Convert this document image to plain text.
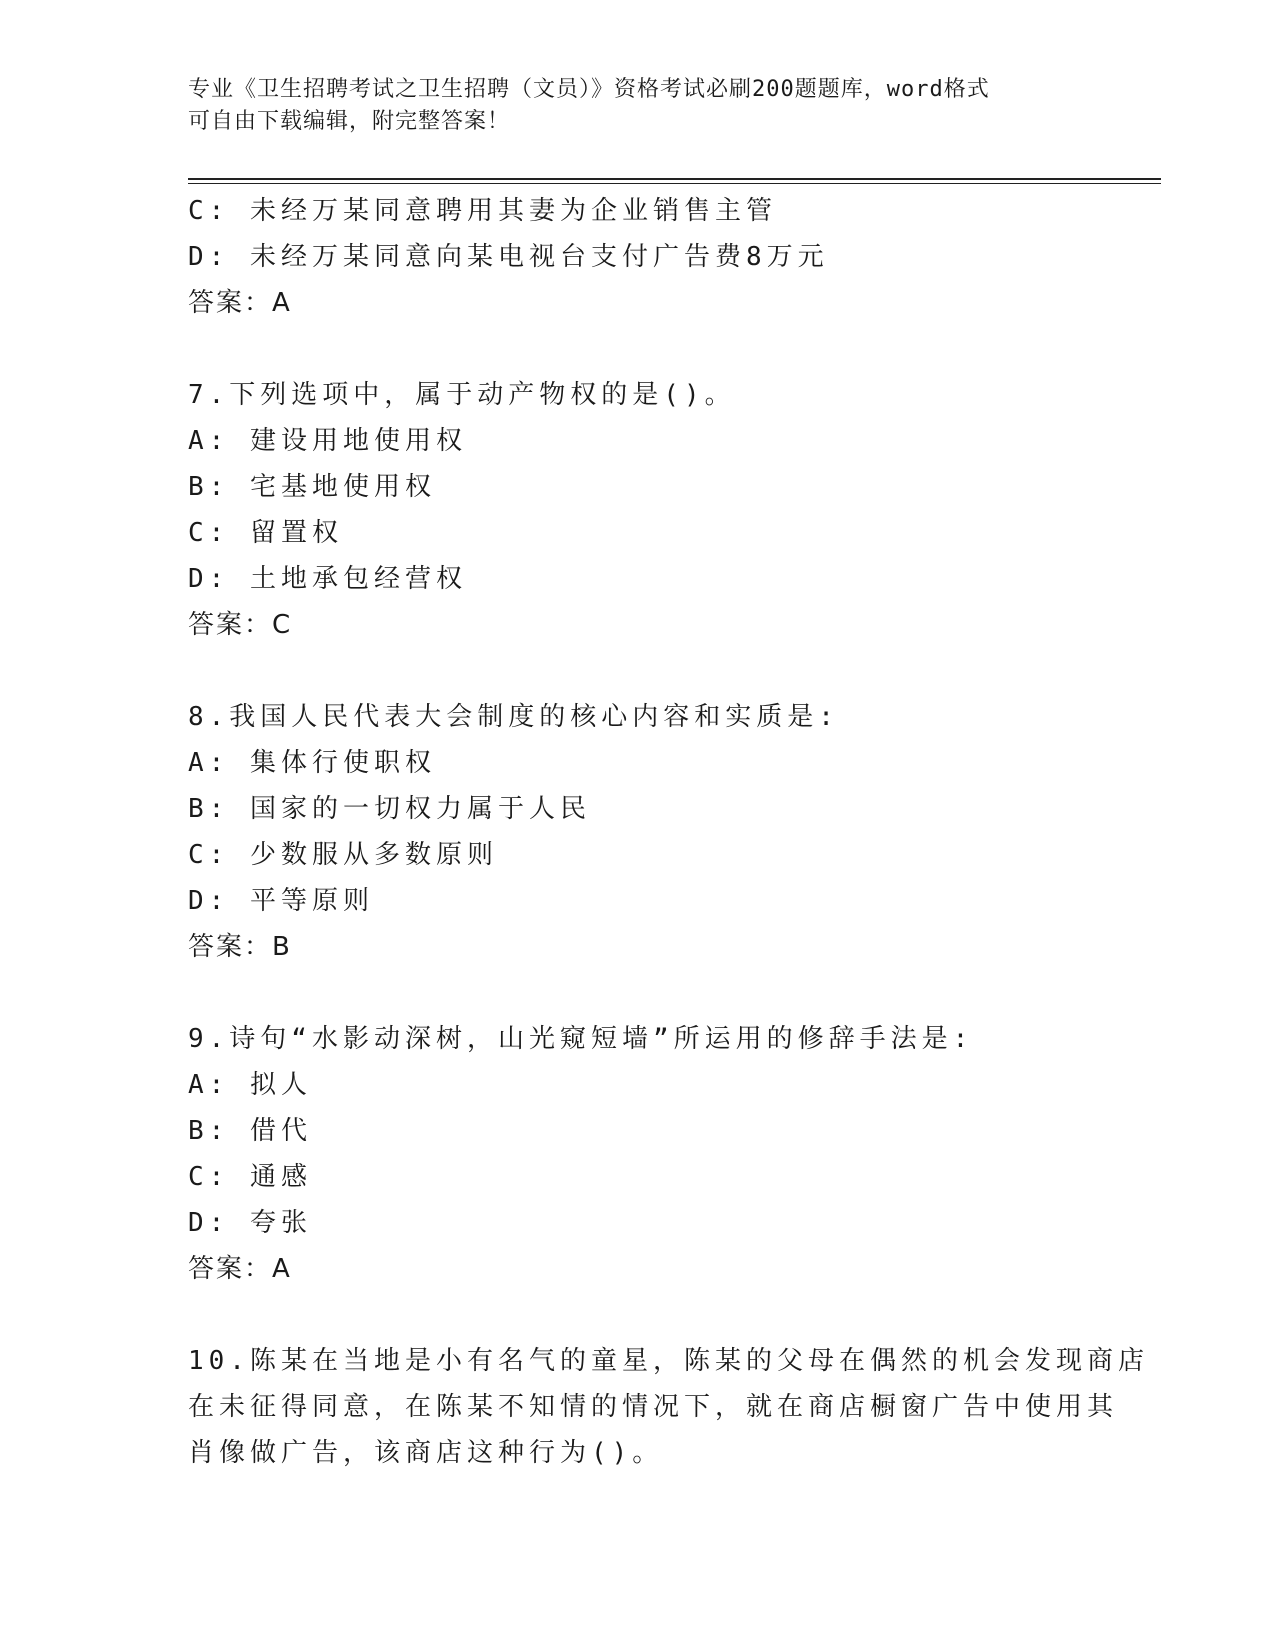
专业《卫生招聘考试之卫生招聘（文员）》资格考试必刷200题题库，word格式
可自由下载编辑，附完整答案！
C: 未经万某同意聘用其妻为企业销售主管
D: 未经万某同意向某电视台支付广告费8万元
答案：A
7.下列选项中，属于动产物权的是()。
A: 建设用地使用权
B: 宅基地使用权
C: 留置权
D: 土地承包经营权
答案：C
8.我国人民代表大会制度的核心内容和实质是:
A: 集体行使职权
B: 国家的一切权力属于人民
C: 少数服从多数原则
D: 平等原则
答案：B
9.诗句“水影动深树，山光窥短墙”所运用的修辞手法是:
A: 拟人
B: 借代
C: 通感
D: 夸张
答案：A
10.陈某在当地是小有名气的童星，陈某的父母在偶然的机会发现商店
在未征得同意，在陈某不知情的情况下，就在商店橱窗广告中使用其
肖像做广告，该商店这种行为()。
